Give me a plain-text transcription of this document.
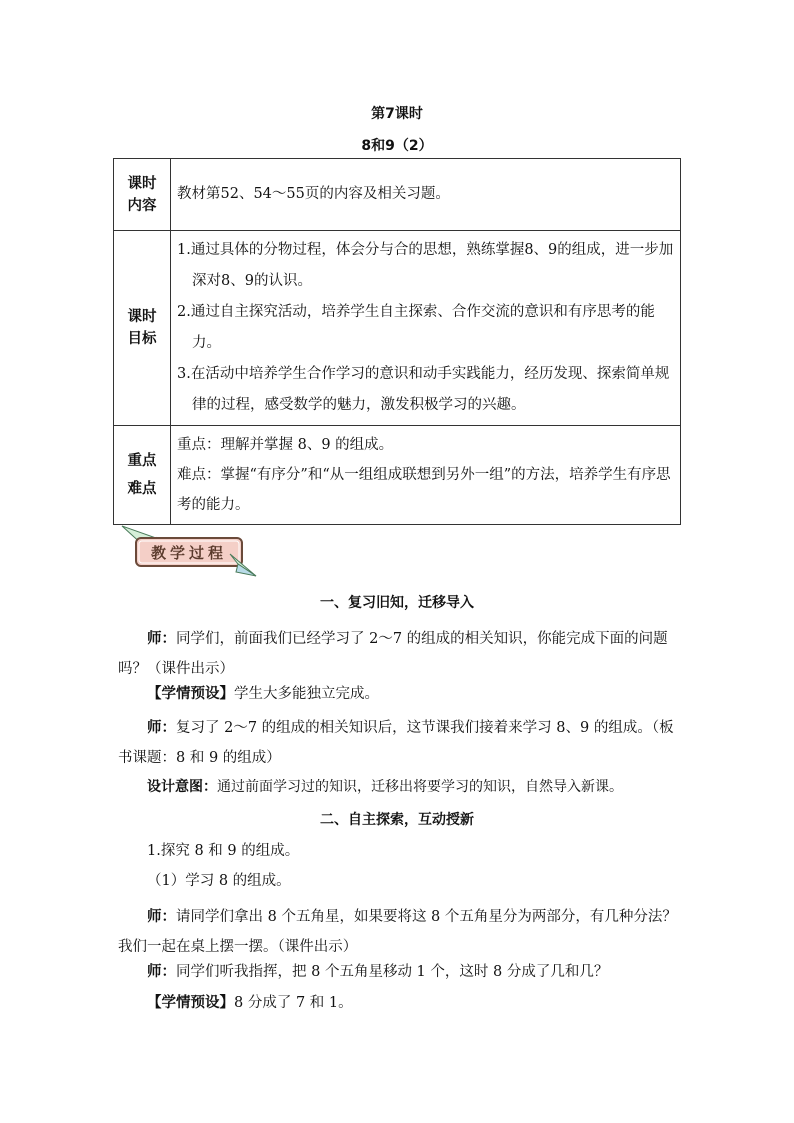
第7课时
8和9（2）
课时内容	教材第52、54～55页的内容及相关习题。
课时目标	1.通过具体的分物过程，体会分与合的思想，熟练掌握8、9的组成，进一步加深对8、9的认识。
2.通过自主探究活动，培养学生自主探索、合作交流的意识和有序思考的能力。
3.在活动中培养学生合作学习的意识和动手实践能力，经历发现、探索简单规律的过程，感受数学的魅力，激发积极学习的兴趣。

重点难点	重点：理解并掌握 8、9 的组成。
难点：掌握“有序分”和“从一组组成联想到另外一组”的方法，培养学生有序思考的能力。
教学过程
一、复习旧知，迁移导入
师：同学们，前面我们已经学习了 2～7 的组成的相关知识，你能完成下面的问题吗？（课件出示）
【学情预设】学生大多能独立完成。
师：复习了 2～7 的组成的相关知识后，这节课我们接着来学习 8、9 的组成。（板书课题：8 和 9 的组成）
设计意图：通过前面学习过的知识，迁移出将要学习的知识，自然导入新课。
二、自主探索，互动授新
1.探究 8 和 9 的组成。
（1）学习 8 的组成。
师：请同学们拿出 8 个五角星，如果要将这 8 个五角星分为两部分，有几种分法？我们一起在桌上摆一摆。（课件出示）
师：同学们听我指挥，把 8 个五角星移动 1 个，这时 8 分成了几和几？
【学情预设】8 分成了 7 和 1。
